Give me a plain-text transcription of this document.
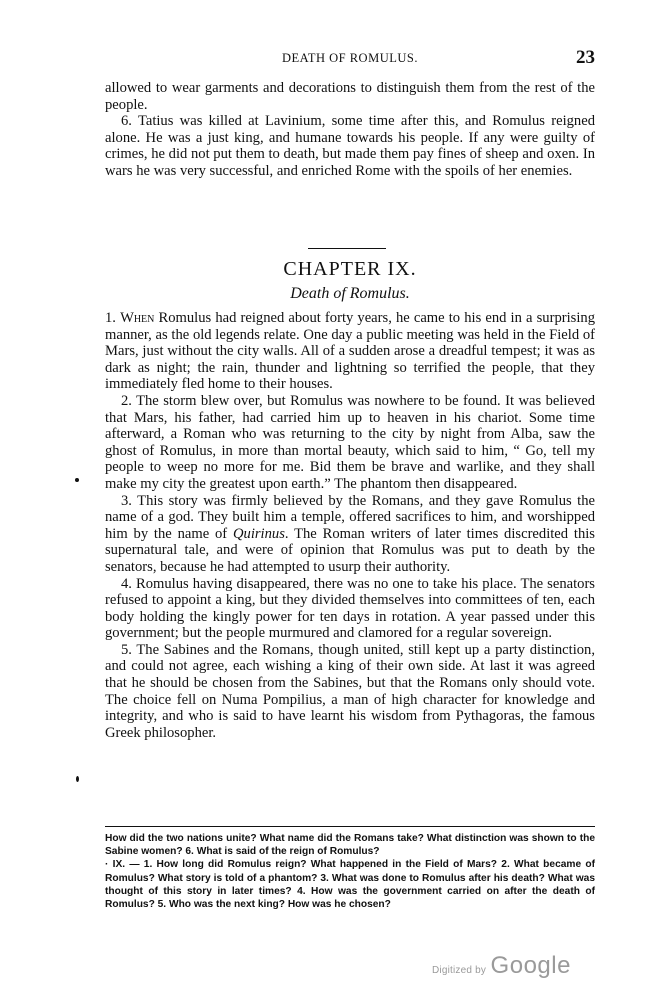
DEATH OF ROMULUS.	23

allowed to wear garments and decorations to distinguish them from the rest of the people.

6. Tatius was killed at Lavinium, some time after this, and Romulus reigned alone. He was a just king, and humane towards his people. If any were guilty of crimes, he did not put them to death, but made them pay fines of sheep and oxen. In wars he was very successful, and enriched Rome with the spoils of her enemies.

CHAPTER IX.
Death of Romulus.

1. When Romulus had reigned about forty years, he came to his end in a surprising manner, as the old legends relate. One day a public meeting was held in the Field of Mars, just without the city walls. All of a sudden arose a dreadful tempest; it was as dark as night; the rain, thunder and lightning so terrified the people, that they immediately fled home to their houses.

2. The storm blew over, but Romulus was nowhere to be found. It was believed that Mars, his father, had carried him up to heaven in his chariot. Some time afterward, a Roman who was returning to the city by night from Alba, saw the ghost of Romulus, in more than mortal beauty, which said to him, “ Go, tell my people to weep no more for me. Bid them be brave and warlike, and they shall make my city the greatest upon earth.” The phantom then disappeared.

3. This story was firmly believed by the Romans, and they gave Romulus the name of a god. They built him a temple, offered sacrifices to him, and worshipped him by the name of Quirinus. The Roman writers of later times discredited this supernatural tale, and were of opinion that Romulus was put to death by the senators, because he had attempted to usurp their authority.

4. Romulus having disappeared, there was no one to take his place. The senators refused to appoint a king, but they divided themselves into committees of ten, each body holding the kingly power for ten days in rotation. A year passed under this government; but the people murmured and clamored for a regular sovereign.

5. The Sabines and the Romans, though united, still kept up a party distinction, and could not agree, each wishing a king of their own side. At last it was agreed that he should be chosen from the Sabines, but that the Romans only should vote. The choice fell on Numa Pompilius, a man of high character for knowledge and integrity, and who is said to have learnt his wisdom from Pythagoras, the famous Greek philosopher.

How did the two nations unite? What name did the Romans take? What distinction was shown to the Sabine women? 6. What is said of the reign of Romulus?

· IX. — 1. How long did Romulus reign? What happened in the Field of Mars? 2. What became of Romulus? What story is told of a phantom? 3. What was done to Romulus after his death? What was thought of this story in later times? 4. How was the government carried on after the death of Romulus? 5. Who was the next king? How was he chosen?

Digitized by Google
